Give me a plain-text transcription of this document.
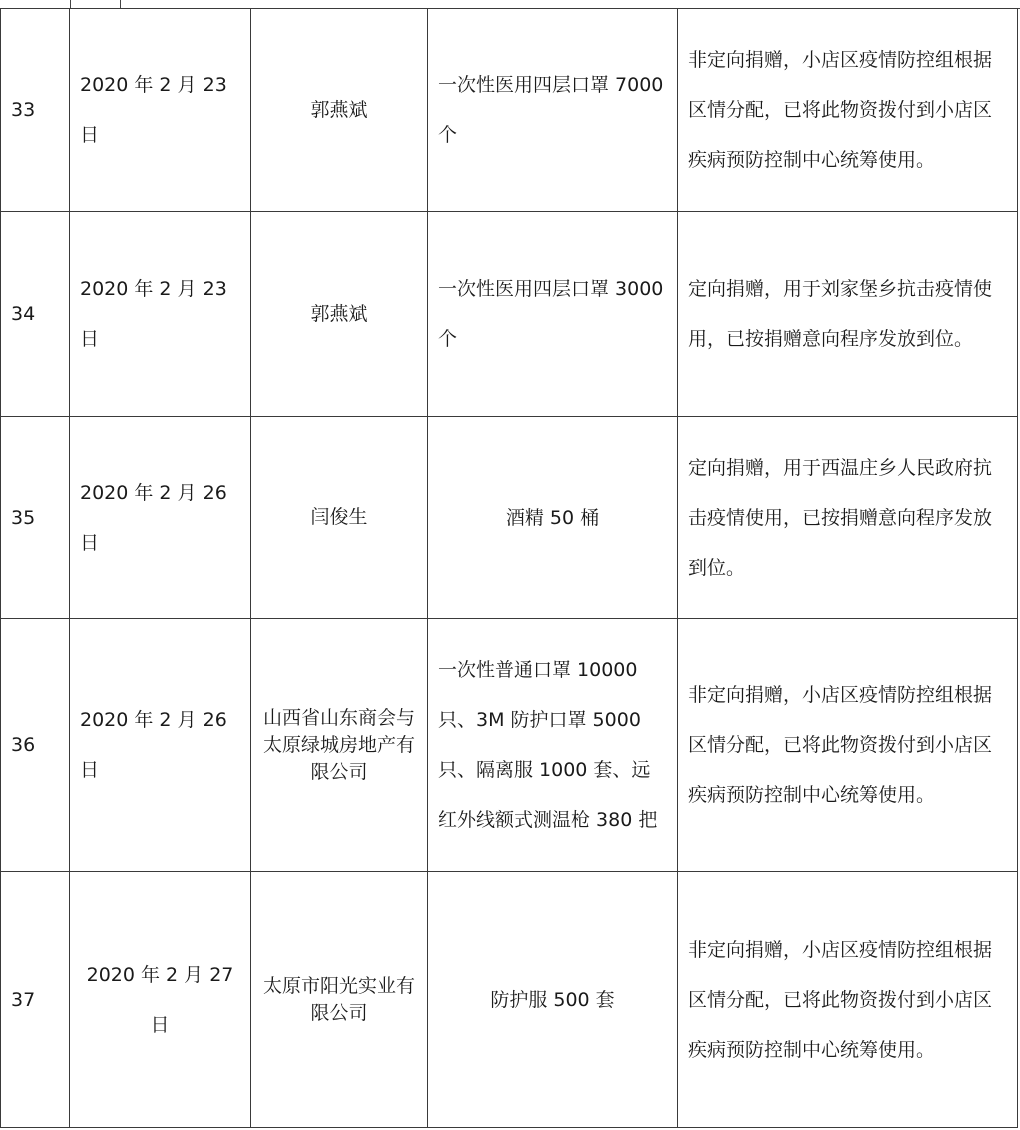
33	2020 年 2 月 23 日	郭燕斌	一次性医用四层口罩 7000 个	非定向捐赠，小店区疫情防控组根据区情分配，已将此物资拨付到小店区疾病预防控制中心统筹使用。
34	2020 年 2 月 23 日	郭燕斌	一次性医用四层口罩 3000 个	定向捐赠，用于刘家堡乡抗击疫情使用，已按捐赠意向程序发放到位。
35	2020 年 2 月 26 日	闫俊生	酒精 50 桶	定向捐赠，用于西温庄乡人民政府抗击疫情使用，已按捐赠意向程序发放到位。
36	2020 年 2 月 26 日	山西省山东商会与太原绿城房地产有限公司	一次性普通口罩 10000 只、3M 防护口罩 5000 只、隔离服 1000 套、远红外线额式测温枪 380 把	非定向捐赠，小店区疫情防控组根据区情分配，已将此物资拨付到小店区疾病预防控制中心统筹使用。
37	2020 年 2 月 27 日	太原市阳光实业有限公司	防护服 500 套	非定向捐赠，小店区疫情防控组根据区情分配，已将此物资拨付到小店区疾病预防控制中心统筹使用。
